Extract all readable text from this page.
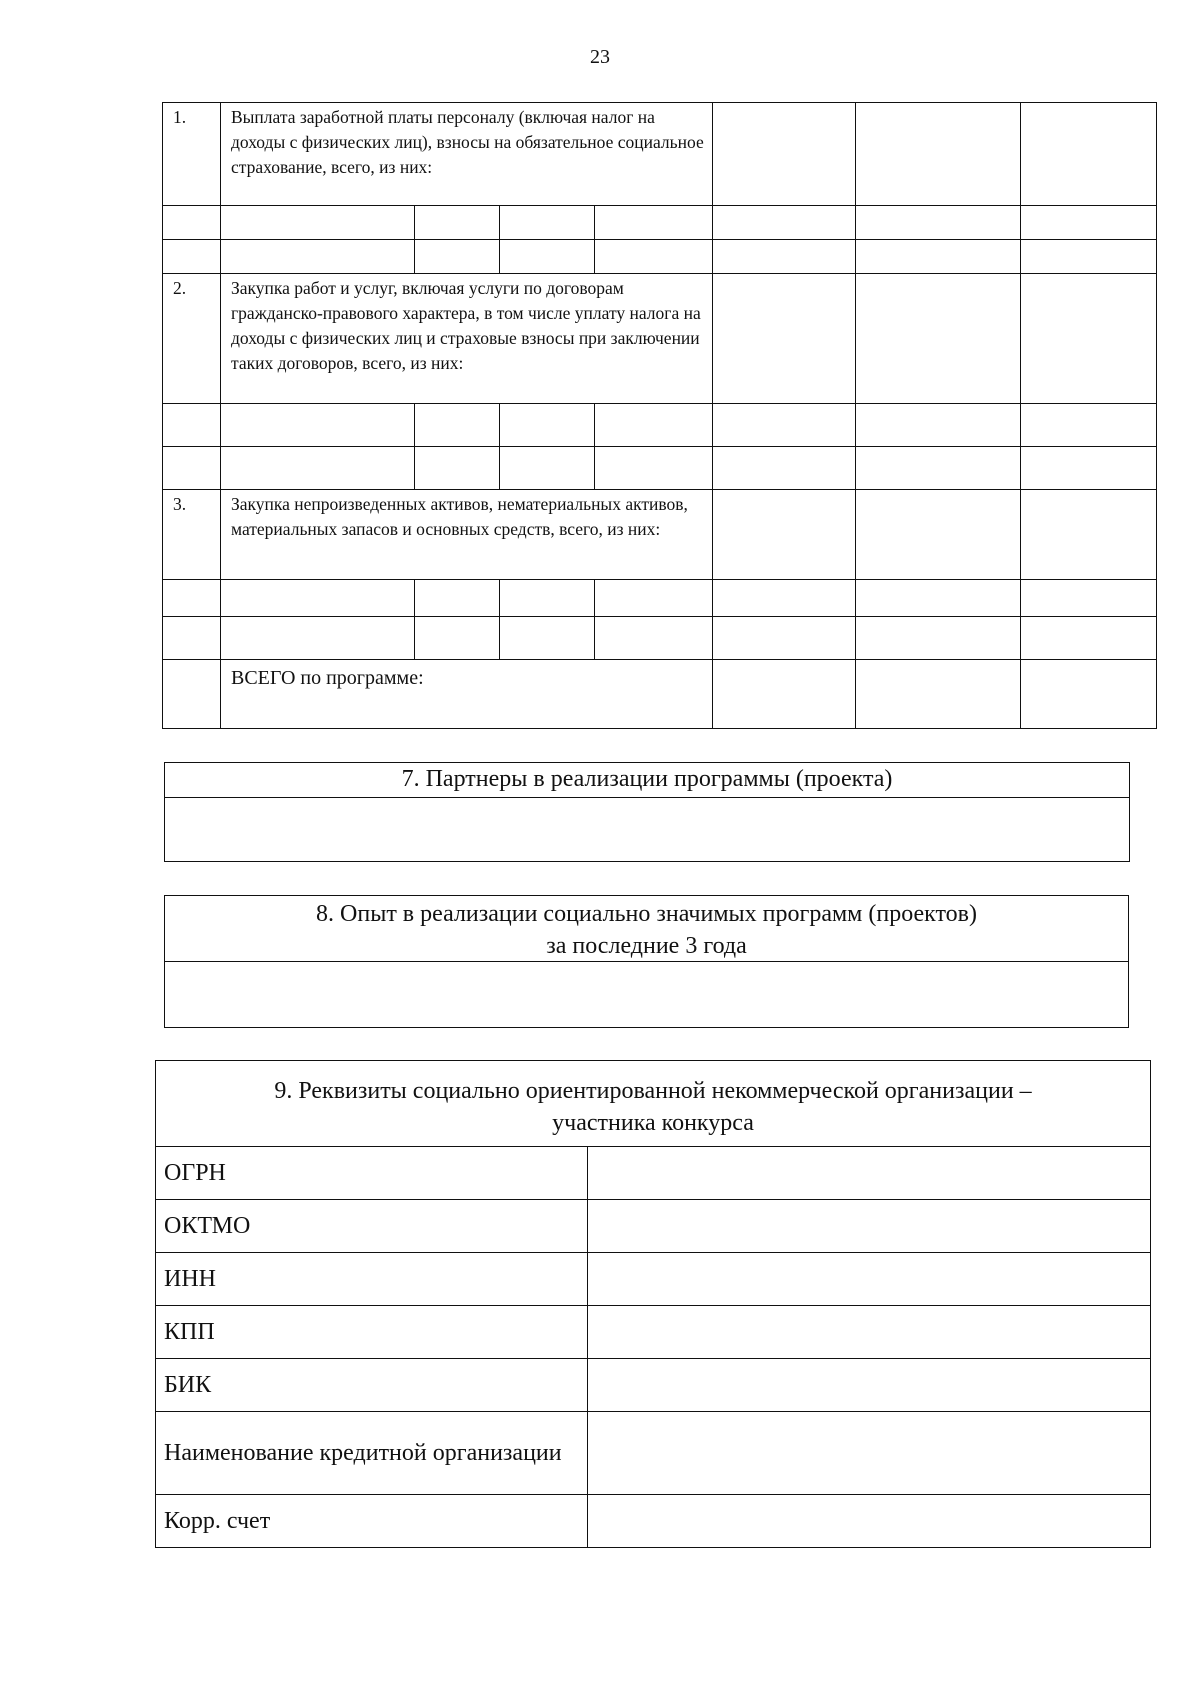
23
1.	Выплата заработной платы персоналу (включая налог на доходы с физических лиц), взносы на обязательное социальное страхование, всего, из них:						

2.	Закупка работ и услуг, включая услуги по договорам гражданско-правового характера, в том числе уплату налога на доходы с физических лиц и страховые взносы при заключении таких договоров, всего, из них:						

3.	Закупка непроизведенных активов, нематериальных активов, материальных запасов и основных средств, всего, из них:						

	ВСЕГО по программе:						
7. Партнеры в реализации программы (проекта)
8. Опыт в реализации социально значимых программ (проектов)
за последние 3 года
9. Реквизиты социально ориентированной некоммерческой организации –
участника конкурса	

ОГРН	
ОКТМО	
ИНН	
КПП	
БИК	
Наименование кредитной организации	
Корр. счет	
